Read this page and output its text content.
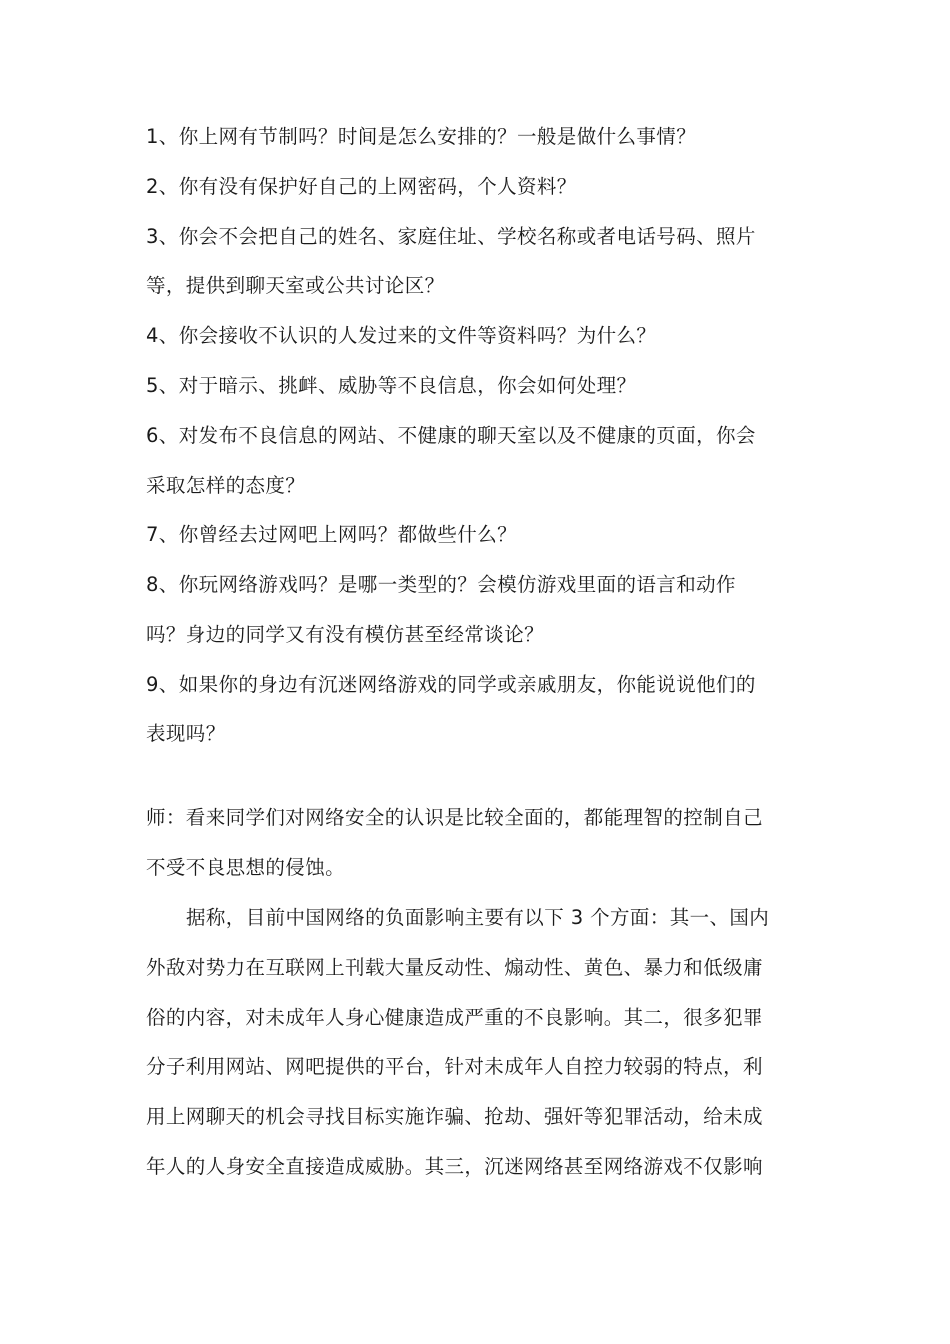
1、你上网有节制吗？时间是怎么安排的？一般是做什么事情？
2、你有没有保护好自己的上网密码，个人资料？
3、你会不会把自己的姓名、家庭住址、学校名称或者电话号码、照片
等，提供到聊天室或公共讨论区？
4、你会接收不认识的人发过来的文件等资料吗？为什么？
5、对于暗示、挑衅、威胁等不良信息，你会如何处理？
6、对发布不良信息的网站、不健康的聊天室以及不健康的页面，你会
采取怎样的态度？
7、你曾经去过网吧上网吗？都做些什么？
8、你玩网络游戏吗？是哪一类型的？会模仿游戏里面的语言和动作
吗？身边的同学又有没有模仿甚至经常谈论？
9、如果你的身边有沉迷网络游戏的同学或亲戚朋友，你能说说他们的
表现吗？
师：看来同学们对网络安全的认识是比较全面的，都能理智的控制自己
不受不良思想的侵蚀。
据称，目前中国网络的负面影响主要有以下 3 个方面：其一、国内
外敌对势力在互联网上刊载大量反动性、煽动性、黄色、暴力和低级庸
俗的内容，对未成年人身心健康造成严重的不良影响。其二，很多犯罪
分子利用网站、网吧提供的平台，针对未成年人自控力较弱的特点，利
用上网聊天的机会寻找目标实施诈骗、抢劫、强奸等犯罪活动，给未成
年人的人身安全直接造成威胁。其三，沉迷网络甚至网络游戏不仅影响
